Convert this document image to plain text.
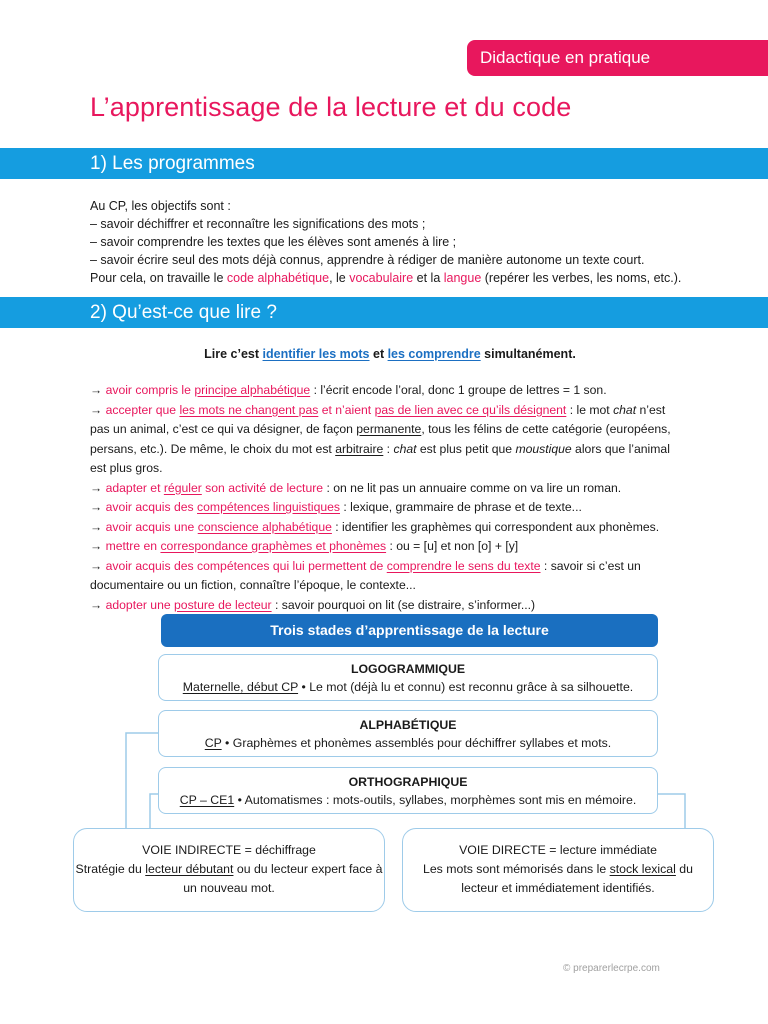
Didactique en pratique
L’apprentissage de la lecture et du code
1) Les programmes

Au CP, les objectifs sont :

– savoir déchiffrer et reconnaître les significations des mots ;

– savoir comprendre les textes que les élèves sont amenés à lire ;

– savoir écrire seul des mots déjà connus, apprendre à rédiger de manière autonome un texte court.

Pour cela, on travaille le code alphabétique, le vocabulaire et la langue (repérer les verbes, les noms, etc.).

2) Qu’est-ce que lire ?
Lire c’est identifier les mots et les comprendre simultanément.

→ avoir compris le principe alphabétique : l’écrit encode l’oral, donc 1 groupe de lettres = 1 son.

→ accepter que les mots ne changent pas et n’aient pas de lien avec ce qu’ils désignent : le mot chat n’est pas un animal, c’est ce qui va désigner, de façon permanente, tous les félins de cette catégorie (européens, persans, etc.). De même, le choix du mot est arbitraire : chat est plus petit que moustique alors que l’animal est plus gros.

→ adapter et réguler son activité de lecture : on ne lit pas un annuaire comme on va lire un roman.

→ avoir acquis des compétences linguistiques : lexique, grammaire de phrase et de texte...

→ avoir acquis une conscience alphabétique : identifier les graphèmes qui correspondent aux phonèmes.

→ mettre en correspondance graphèmes et phonèmes : ou = [u] et non [o] + [y]

→ avoir acquis des compétences qui lui permettent de comprendre le sens du texte : savoir si c’est un documentaire ou un fiction, connaître l’époque, le contexte...

→ adopter une posture de lecteur : savoir pourquoi on lit (se distraire, s’informer...)

Trois stades d’apprentissage de la lecture
LOGOGRAMMIQUE
Maternelle, début CP • Le mot (déjà lu et connu) est reconnu grâce à sa silhouette.
ALPHABÉTIQUE
CP • Graphèmes et phonèmes assemblés pour déchiffrer syllabes et mots.
ORTHOGRAPHIQUE
CP – CE1 • Automatismes : mots-outils, syllabes, morphèmes sont mis en mémoire.
VOIE INDIRECTE = déchiffrage
Stratégie du lecteur débutant ou du lecteur expert face à un nouveau mot.
VOIE DIRECTE = lecture immédiate
Les mots sont mémorisés dans le stock lexical du lecteur et immédiatement identifiés.
© preparerlecrpe.com
